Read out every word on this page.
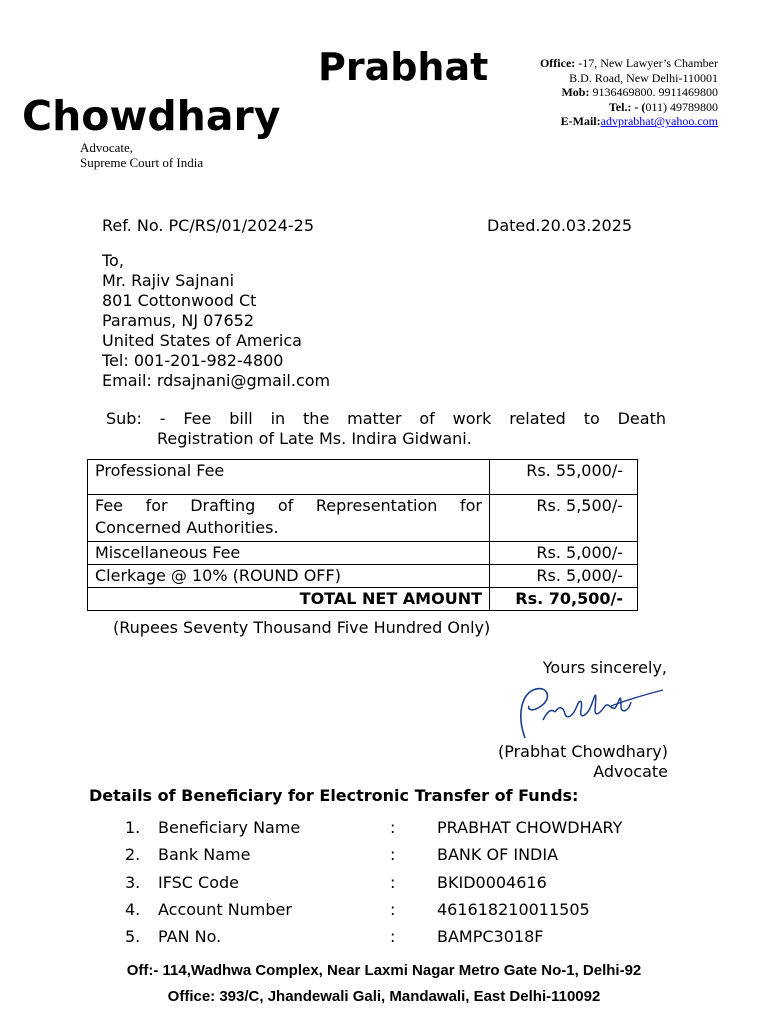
Prabhat
Chowdhary
Advocate,
Supreme Court of India
Office: -17, New Lawyer’s Chamber
B.D. Road, New Delhi-110001
Mob: 9136469800. 9911469800
Tel.: - (011) 49789800
E-Mail:advprabhat@yahoo.com
Ref. No. PC/RS/01/2024-25	Dated.20.03.2025
To,
Mr. Rajiv Sajnani
801 Cottonwood Ct
Paramus, NJ 07652
United States of America
Tel: 001-201-982-4800
Email: rdsajnani@gmail.com
Sub: - Fee bill in the matter of work related to Death
Registration of Late Ms. Indira Gidwani.
Professional Fee	Rs. 55,000/-
Fee for Drafting of Representation for Concerned Authorities.	Rs. 5,500/-
Miscellaneous Fee	Rs. 5,000/-
Clerkage @ 10% (ROUND OFF)	Rs. 5,000/-
TOTAL NET AMOUNT	Rs. 70,500/-
(Rupees Seventy Thousand Five Hundred Only)
Yours sincerely,
(Prabhat Chowdhary)
Advocate
Details of Beneficiary for Electronic Transfer of Funds:
1. Beneficiary Name	:	PRABHAT CHOWDHARY
2. Bank Name	:	BANK OF INDIA
3. IFSC Code	:	BKID0004616
4. Account Number	:	461618210011505
5. PAN No.	:	BAMPC3018F
Off:- 114,Wadhwa Complex, Near Laxmi Nagar Metro Gate No-1, Delhi-92
Office: 393/C, Jhandewali Gali, Mandawali, East Delhi-110092
